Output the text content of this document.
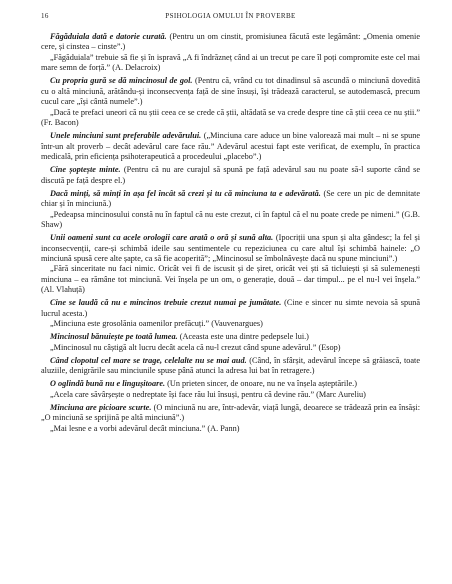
16	PSIHOLOGIA OMULUI ÎN PROVERBE

Făgăduiala dată e datorie curată. (Pentru un om cinstit, promisiunea făcută este legământ: „Omenia omenie cere, și cinstea – cinste”.)

„Făgăduiala” trebuie să fie și în ispravă „A fi îndrăzneț când ai un trecut pe care îl poți compromite este cel mai mare semn de forță.” (A. Delacroix)

Cu propria gură se dă mincinosul de gol. (Pentru că, vrând cu tot dinadinsul să ascundă o minciună dovedită cu o altă minciună, arătându-și inconsecvența față de sine însuși, își trădează caracterul, se autodemască, precum cucul care „își cântă numele”.)

„Dacă te prefaci uneori că nu știi ceea ce se crede că știi, altădată se va crede despre tine că știi ceea ce nu știi.” (Fr. Bacon)

Unele minciuni sunt preferabile adevărului. („Minciuna care aduce un bine valorează mai mult – ni se spune într-un alt proverb – decât adevărul care face rău.” Adevărul acestui fapt este verificat, de exemplu, în practica medicală, prin eficiența psihoterapeutică a procedeului „placebo”.)

Cine șoptește minte. (Pentru că nu are curajul să spună pe față adevărul sau nu poate să-l suporte când se discută pe față despre el.)

Dacă minți, să minți în așa fel încât să crezi și tu că minciuna ta e adevărată. (Se cere un pic de demnitate chiar și în minciună.)

„Pedeapsa mincinosului constă nu în faptul că nu este crezut, ci în faptul că el nu poate crede pe nimeni.” (G.B. Shaw)

Unii oameni sunt ca acele orologii care arată o oră și sună alta. (Ipocriții una spun și alta gândesc; la fel și inconsecvenții, care-și schimbă ideile sau sentimentele cu repeziciunea cu care altul își schimbă hainele: „O minciună spusă cere alte șapte, ca să fie acoperită”; „Mincinosul se îmbolnăvește dacă nu spune minciuni”.)

„Fără sinceritate nu faci nimic. Oricât vei fi de iscusit și de șiret, oricât vei ști să ticluiești și să sulemenești minciuna – ea rămâne tot minciună. Vei înșela pe un om, o generație, două – dar timpul... pe el nu-l vei înșela.” (Al. Vlahuță)

Cine se laudă că nu e mincinos trebuie crezut numai pe jumătate. (Cine e sincer nu simte nevoia să spună lucrul acesta.)

„Minciuna este grosolănia oamenilor prefăcuți.” (Vauvenargues)

Mincinosul bănuiește pe toată lumea. (Aceasta este una dintre pedepsele lui.)

„Mincinosul nu câștigă alt lucru decât acela că nu-l crezut când spune adevărul.” (Esop)

Când clopotul cel mare se trage, celelalte nu se mai aud. (Când, în sfârșit, adevărul începe să grăiască, toate aluziile, denigrările sau minciunile spuse până atunci la adresa lui bat în retragere.)

O oglindă bună nu e lingușitoare. (Un prieten sincer, de onoare, nu ne va înșela așteptările.)

„Acela care săvârșește o nedreptate își face rău lui însuși, pentru că devine rău.” (Marc Aureliu)

Minciuna are picioare scurte. (O minciună nu are, într-adevăr, viață lungă, deoarece se trădează prin ea însăși: „O minciună se sprijină pe altă minciună”.)

„Mai lesne e a vorbi adevărul decât minciuna.” (A. Pann)
